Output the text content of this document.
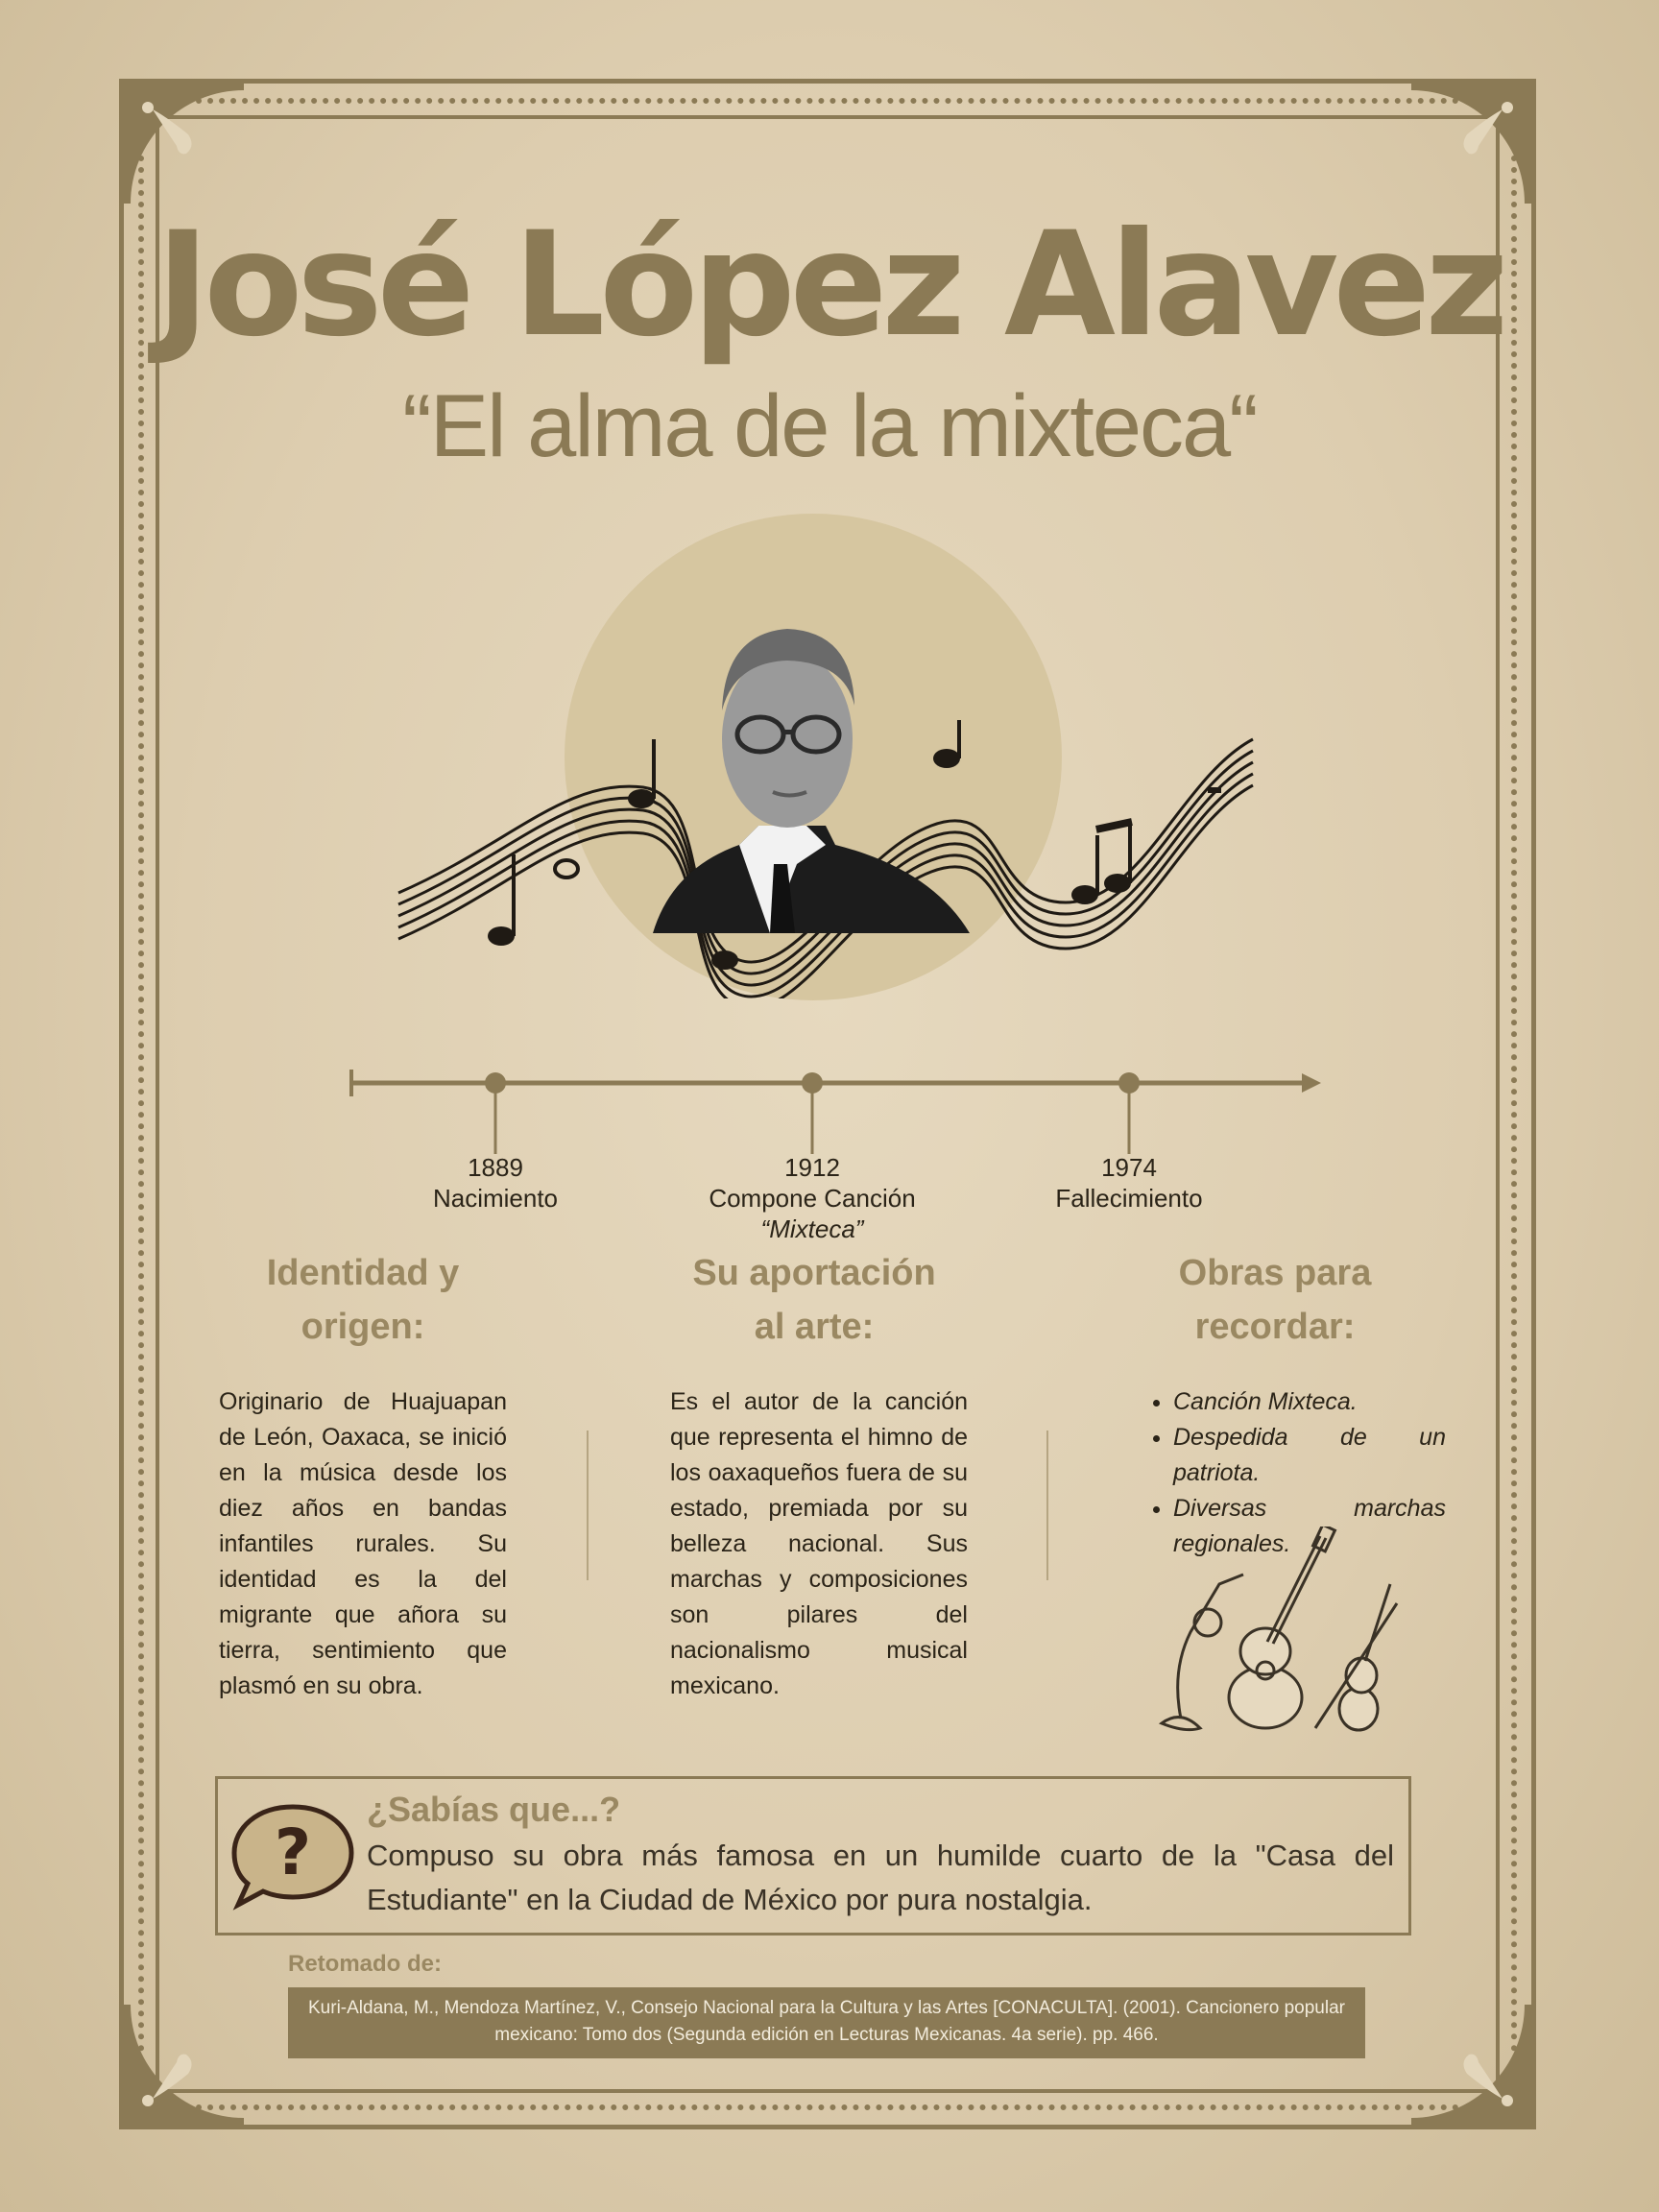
José López Alavez
“El alma de la mixteca“
1889
Nacimiento
1912
Compone Canción
“Mixteca”
1974
Fallecimiento
Identidad y
origen:
Su aportación
al arte:
Obras para
recordar:
Originario de Huajuapan de León, Oaxaca, se inició en la música desde los diez años en bandas infantiles rurales. Su identidad es la del migrante que añora su tierra, sentimiento que plasmó en su obra.
Es el autor de la canción que representa el himno de los oaxaqueños fuera de su estado, premiada por su belleza nacional. Sus marchas y composiciones son pilares del nacionalismo musical mexicano.
• Canción Mixteca.
• Despedida de un patriota.
• Diversas marchas regionales.
?
¿Sabías que...?
Compuso su obra más famosa en un humilde cuarto de la "Casa del Estudiante" en la Ciudad de México por pura nostalgia.
Retomado de:
Kuri-Aldana, M., Mendoza Martínez, V., Consejo Nacional para la Cultura y las Artes [CONACULTA]. (2001). Cancionero popular mexicano: Tomo dos (Segunda edición en Lecturas Mexicanas. 4a serie). pp. 466.
